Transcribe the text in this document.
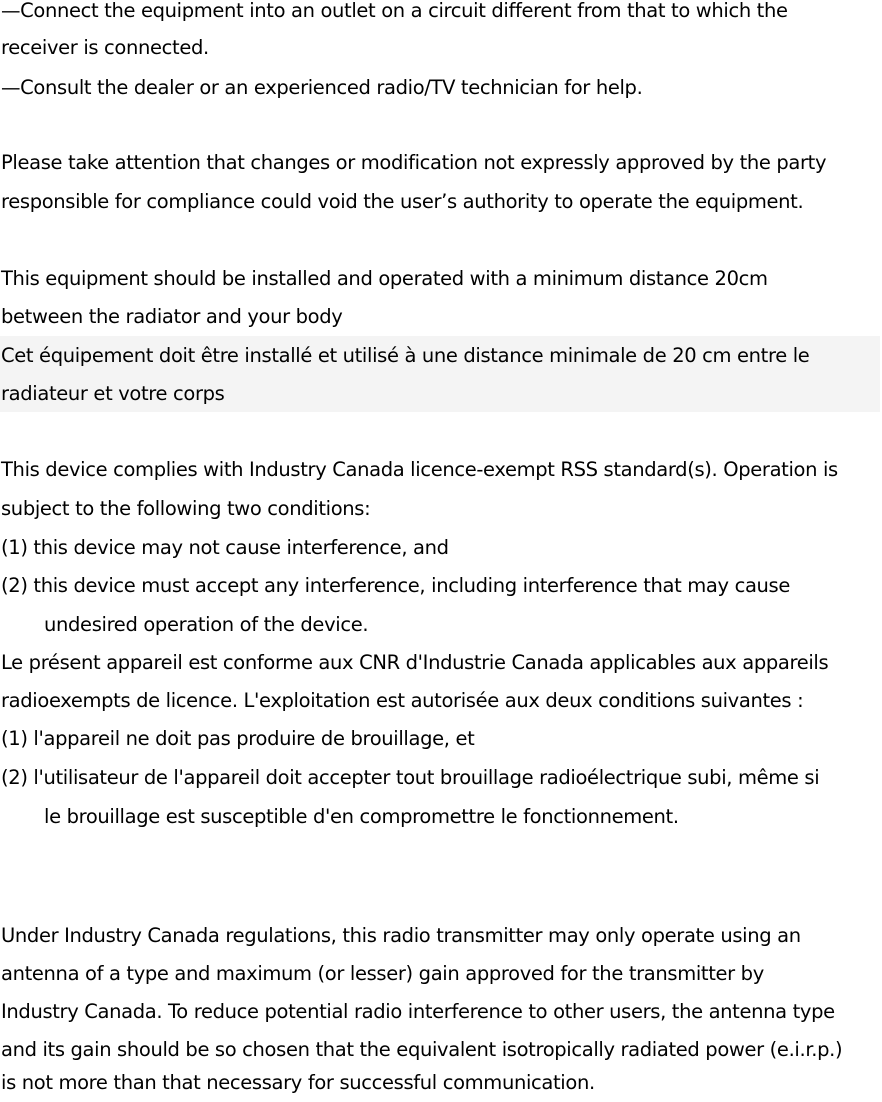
—Connect the equipment into an outlet on a circuit different from that to which the
receiver is connected.
—Consult the dealer or an experienced radio/TV technician for help.
Please take attention that changes or modification not expressly approved by the party
responsible for compliance could void the user’s authority to operate the equipment.
This equipment should be installed and operated with a minimum distance 20cm
between the radiator and your body
Cet équipement doit être installé et utilisé à une distance minimale de 20 cm entre le
radiateur et votre corps
This device complies with Industry Canada licence-exempt RSS standard(s). Operation is
subject to the following two conditions:
(1) this device may not cause interference, and
(2) this device must accept any interference, including interference that may cause
undesired operation of the device.
Le présent appareil est conforme aux CNR d'Industrie Canada applicables aux appareils
radioexempts de licence. L'exploitation est autorisée aux deux conditions suivantes :
(1) l'appareil ne doit pas produire de brouillage, et
(2) l'utilisateur de l'appareil doit accepter tout brouillage radioélectrique subi, même si
le brouillage est susceptible d'en compromettre le fonctionnement.
Under Industry Canada regulations, this radio transmitter may only operate using an
antenna of a type and maximum (or lesser) gain approved for the transmitter by
Industry Canada. To reduce potential radio interference to other users, the antenna type
and its gain should be so chosen that the equivalent isotropically radiated power (e.i.r.p.)
is not more than that necessary for successful communication.
